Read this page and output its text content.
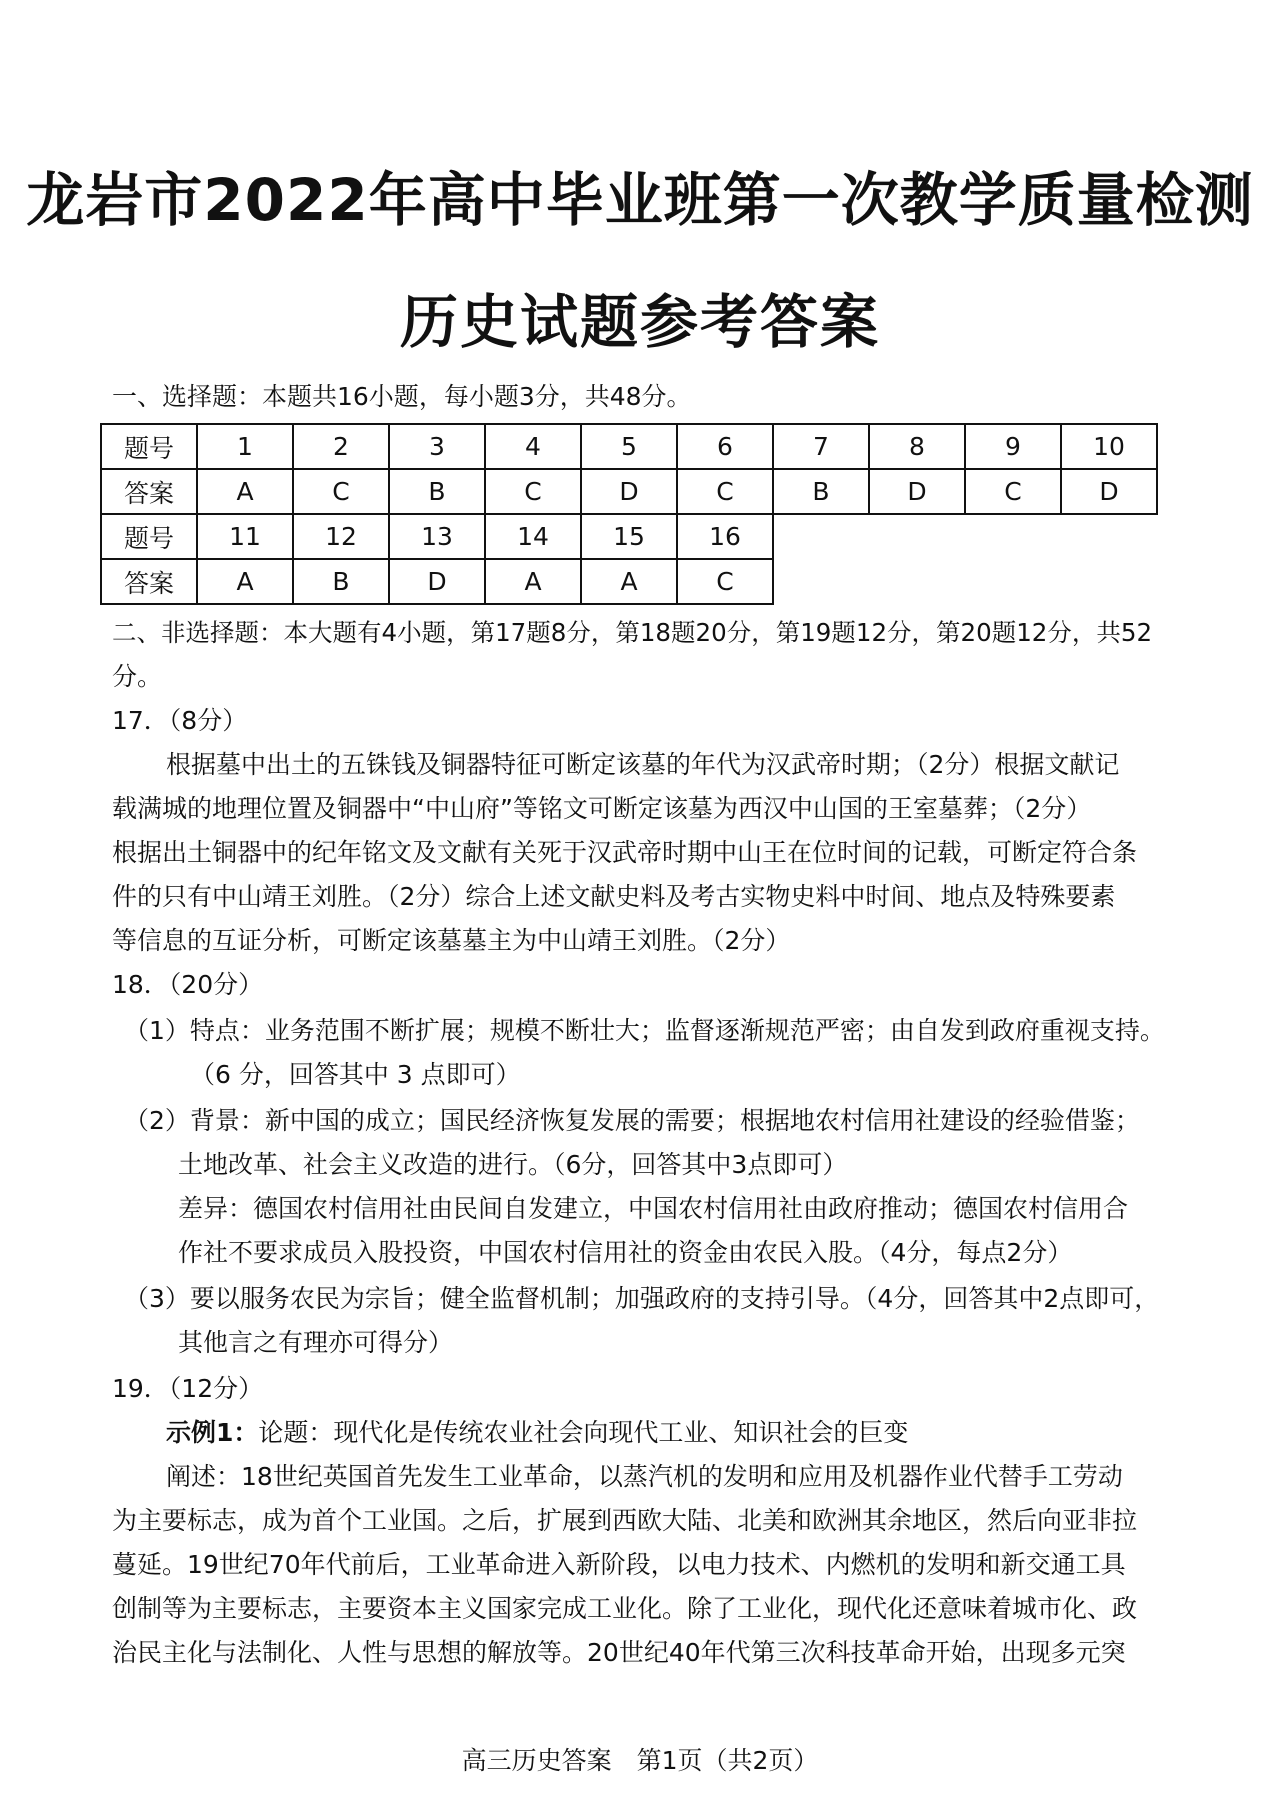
龙岩市2022年高中毕业班第一次教学质量检测
历史试题参考答案
一、选择题：本题共16小题，每小题3分，共48分。
题号	1	2	3	4	5	6	7	8	9	10
答案	A	C	B	C	D	C	B	D	C	D
题号	11	12	13	14	15	16				
答案	A	B	D	A	A	C				
二、非选择题：本大题有4小题，第17题8分，第18题20分，第19题12分，第20题12分，共52
分。
17．（8分）
根据墓中出土的五铢钱及铜器特征可断定该墓的年代为汉武帝时期；（2分）根据文献记
载满城的地理位置及铜器中“中山府”等铭文可断定该墓为西汉中山国的王室墓葬；（2分）
根据出土铜器中的纪年铭文及文献有关死于汉武帝时期中山王在位时间的记载，可断定符合条
件的只有中山靖王刘胜。（2分）综合上述文献史料及考古实物史料中时间、地点及特殊要素
等信息的互证分析，可断定该墓墓主为中山靖王刘胜。（2分）
18．（20分）
（1）特点：业务范围不断扩展；规模不断壮大；监督逐渐规范严密；由自发到政府重视支持。
（6 分，回答其中 3 点即可）
（2）背景：新中国的成立；国民经济恢复发展的需要；根据地农村信用社建设的经验借鉴；
土地改革、社会主义改造的进行。（6分，回答其中3点即可）
差异：德国农村信用社由民间自发建立，中国农村信用社由政府推动；德国农村信用合
作社不要求成员入股投资，中国农村信用社的资金由农民入股。（4分，每点2分）
（3）要以服务农民为宗旨；健全监督机制；加强政府的支持引导。（4分，回答其中2点即可，
其他言之有理亦可得分）
19．（12分）
示例1：论题：现代化是传统农业社会向现代工业、知识社会的巨变
阐述：18世纪英国首先发生工业革命，以蒸汽机的发明和应用及机器作业代替手工劳动
为主要标志，成为首个工业国。之后，扩展到西欧大陆、北美和欧洲其余地区，然后向亚非拉
蔓延。19世纪70年代前后，工业革命进入新阶段，以电力技术、内燃机的发明和新交通工具
创制等为主要标志，主要资本主义国家完成工业化。除了工业化，现代化还意味着城市化、政
治民主化与法制化、人性与思想的解放等。20世纪40年代第三次科技革命开始，出现多元突
高三历史答案　第1页（共2页）
